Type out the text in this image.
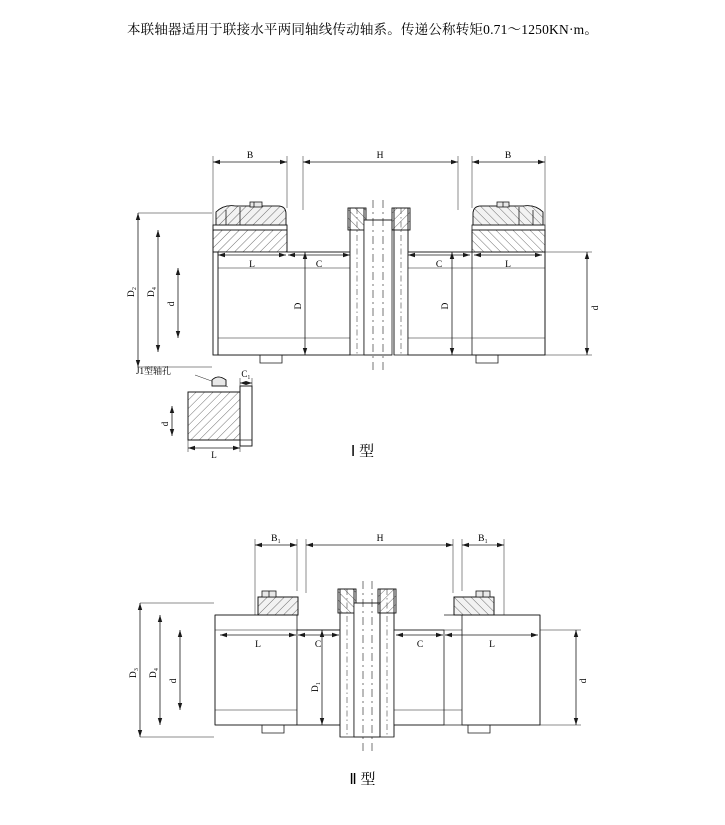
本联轴器适用于联接水平两同轴线传动轴系。传递公称转矩0.71～1250KN·m。
B	H	B
D₂ D₄
d
L	C
D	D
C	L
d
J1型轴孔	C₁
d
L	Ⅰ 型
B₁	H	B₁
D₃ D₄
d
L	C	C	L
D₁
d
Ⅱ 型
